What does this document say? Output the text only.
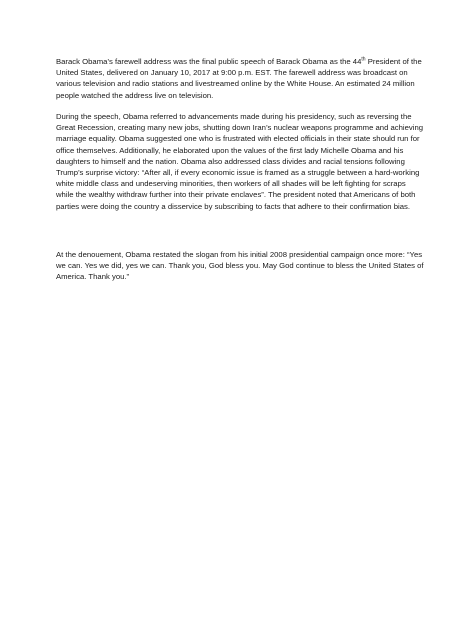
Barack Obama’s farewell address was the final public speech of Barack Obama as the 44th President of the United States, delivered on January 10, 2017 at 9:00 p.m. EST. The farewell address was broadcast on various television and radio stations and livestreamed online by the White House. An estimated 24 million people watched the address live on television.

During the speech, Obama referred to advancements made during his presidency, such as reversing the Great Recession, creating many new jobs, shutting down Iran’s nuclear weapons programme and achieving marriage equality. Obama suggested one who is frustrated with elected officials in their state should run for office themselves. Additionally, he elaborated upon the values of the first lady Michelle Obama and his daughters to himself and the nation. Obama also addressed class divides and racial tensions following Trump’s surprise victory: “After all, if every economic issue is framed as a struggle between a hard-working white middle class and undeserving minorities, then workers of all shades will be left fighting for scraps while the wealthy withdraw further into their private enclaves”. The president noted that Americans of both parties were doing the country a disservice by subscribing to facts that adhere to their confirmation bias.

At the denouement, Obama restated the slogan from his initial 2008 presidential campaign once more: “Yes we can. Yes we did, yes we can. Thank you, God bless you. May God continue to bless the United States of America. Thank you.”
